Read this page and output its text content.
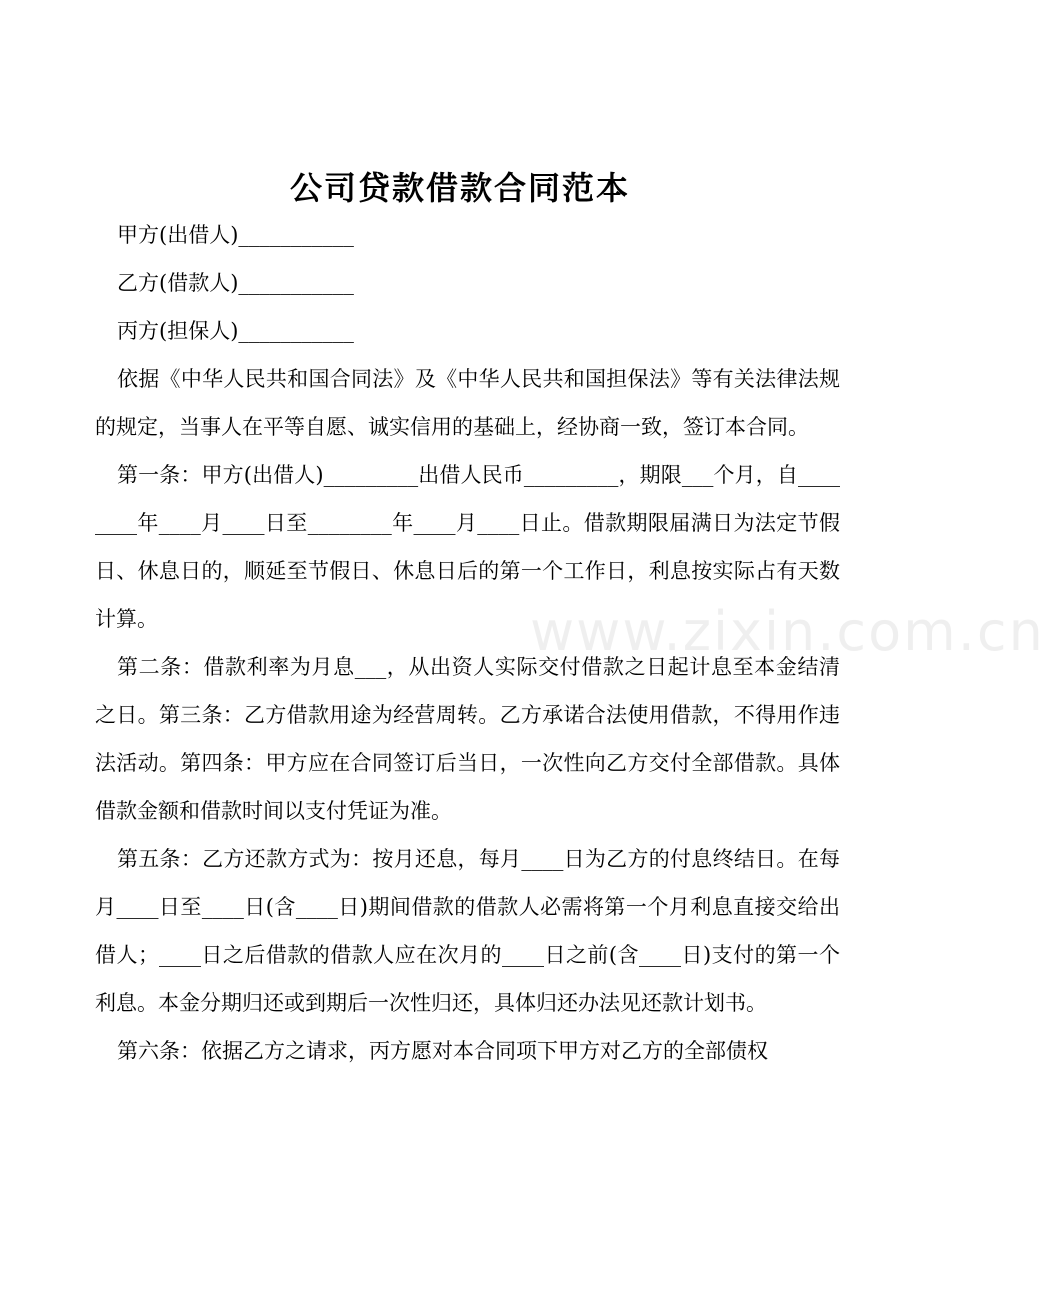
公司贷款借款合同范本
www.zixin.com.cn

甲方(出借人)___________

乙方(借款人)___________

丙方(担保人)___________

依据《中华人民共和国合同法》及《中华人民共和国担保法》等有关法律法规的规定，当事人在平等自愿、诚实信用的基础上，经协商一致，签订本合同。

第一条：甲方(出借人)_________出借人民币_________，期限___个月，自________年____月____日至________年____月____日止。借款期限届满日为法定节假日、休息日的，顺延至节假日、休息日后的第一个工作日，利息按实际占有天数计算。

第二条：借款利率为月息___，从出资人实际交付借款之日起计息至本金结清之日。第三条：乙方借款用途为经营周转。乙方承诺合法使用借款，不得用作违法活动。第四条：甲方应在合同签订后当日，一次性向乙方交付全部借款。具体借款金额和借款时间以支付凭证为准。

第五条：乙方还款方式为：按月还息，每月____日为乙方的付息终结日。在每月____日至____日(含____日)期间借款的借款人必需将第一个月利息直接交给出借人；____日之后借款的借款人应在次月的____日之前(含____日)支付的第一个利息。本金分期归还或到期后一次性归还，具体归还办法见还款计划书。

第六条：依据乙方之请求，丙方愿对本合同项下甲方对乙方的全部债权
